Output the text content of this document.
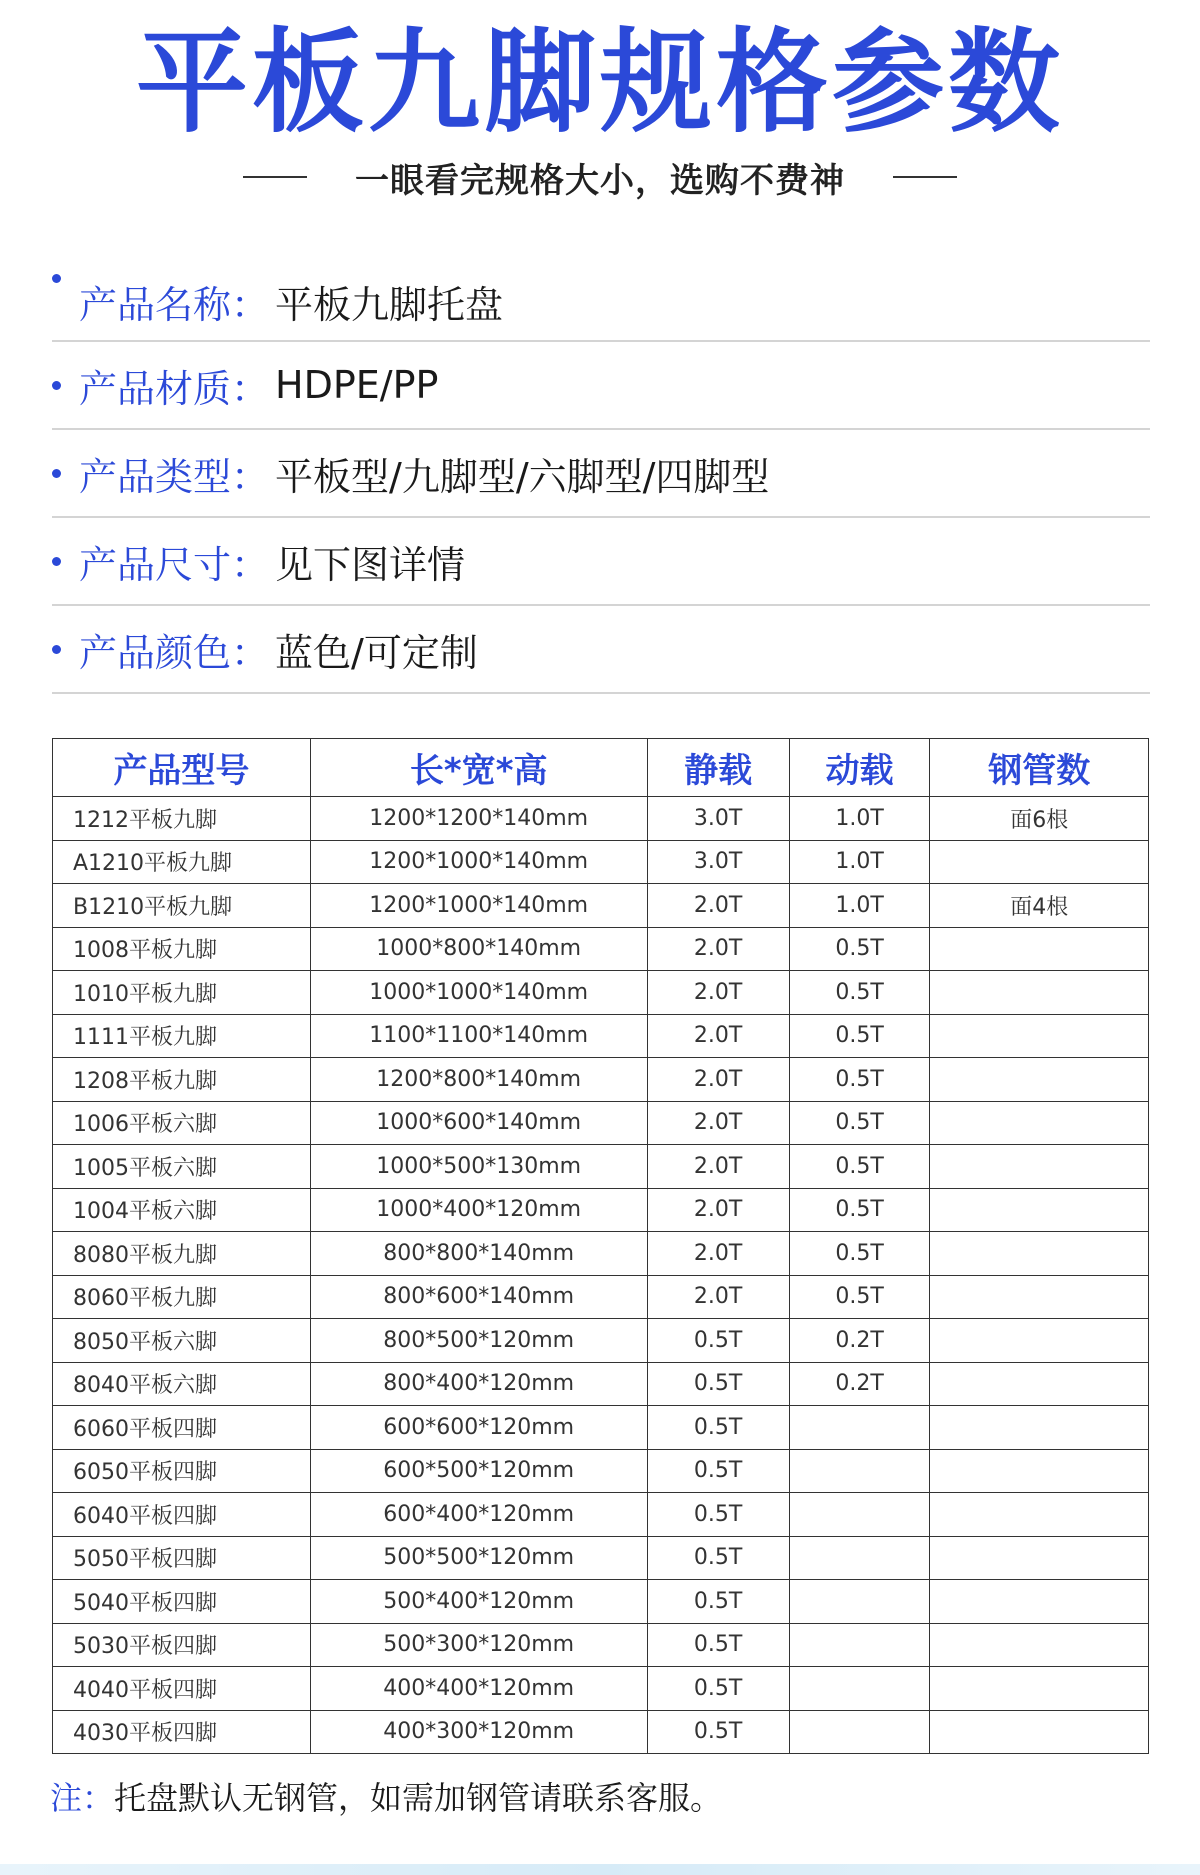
平板九脚规格参数
一眼看完规格大小，选购不费神
产品名称： 平板九脚托盘
产品材质： HDPE/PP
产品类型： 平板型/九脚型/六脚型/四脚型
产品尺寸： 见下图详情
产品颜色： 蓝色/可定制
产品型号	长*宽*高	静载	动载	钢管数
1212平板九脚	1200*1200*140mm	3.0T	1.0T	面6根
A1210平板九脚	1200*1000*140mm	3.0T	1.0T	
B1210平板九脚	1200*1000*140mm	2.0T	1.0T	面4根
1008平板九脚	1000*800*140mm	2.0T	0.5T	
1010平板九脚	1000*1000*140mm	2.0T	0.5T	
1111平板九脚	1100*1100*140mm	2.0T	0.5T	
1208平板九脚	1200*800*140mm	2.0T	0.5T	
1006平板六脚	1000*600*140mm	2.0T	0.5T	
1005平板六脚	1000*500*130mm	2.0T	0.5T	
1004平板六脚	1000*400*120mm	2.0T	0.5T	
8080平板九脚	800*800*140mm	2.0T	0.5T	
8060平板九脚	800*600*140mm	2.0T	0.5T	
8050平板六脚	800*500*120mm	0.5T	0.2T	
8040平板六脚	800*400*120mm	0.5T	0.2T	
6060平板四脚	600*600*120mm	0.5T		
6050平板四脚	600*500*120mm	0.5T		
6040平板四脚	600*400*120mm	0.5T		
5050平板四脚	500*500*120mm	0.5T		
5040平板四脚	500*400*120mm	0.5T		
5030平板四脚	500*300*120mm	0.5T		
4040平板四脚	400*400*120mm	0.5T		
4030平板四脚	400*300*120mm	0.5T		
注：托盘默认无钢管，如需加钢管请联系客服。
